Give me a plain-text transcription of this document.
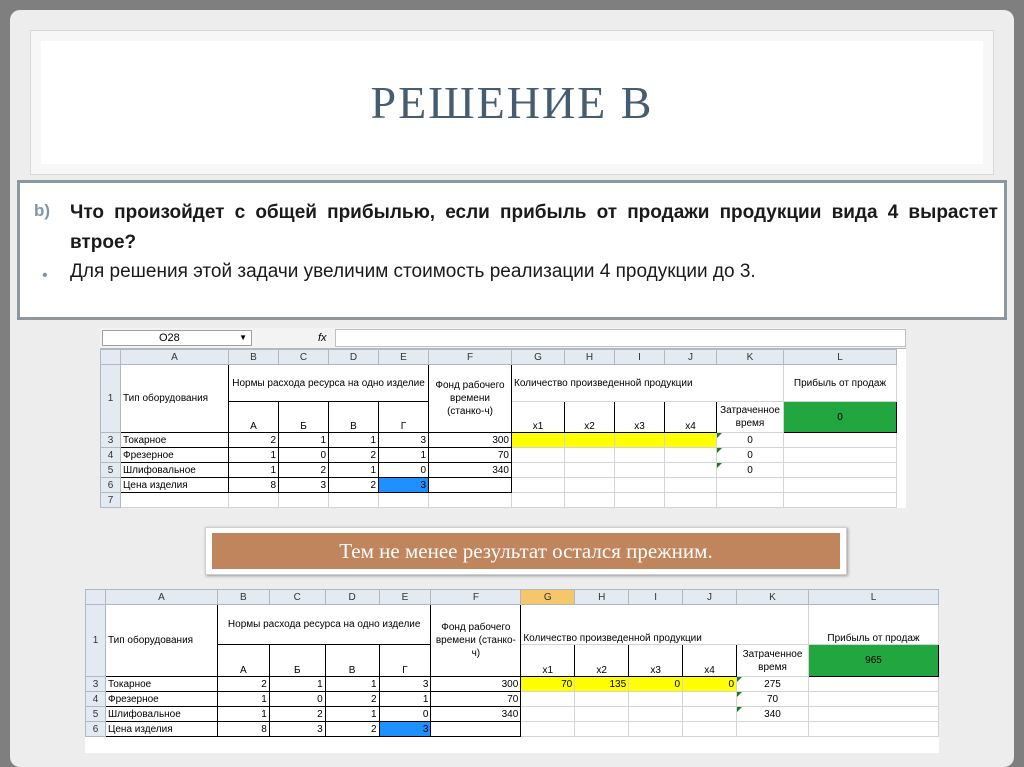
РЕШЕНИЕ B
b) Что произойдет с общей прибылью, если прибыль от продажи продукции вида 4 вырастет втрое?
• Для решения этой задачи увеличим стоимость реализации 4 продукции до 3.
O28	▼	fx
	A	B	C	D	E	F	G	H	I	J	K	L
1	Тип оборудования	Нормы расхода ресурса на одно изделие				Фонд рабочего времени (станко-ч)	Количество произведенной продукции					Прибыль от продаж
		А	Б	В	Г		x1	x2	x3	x4	Затраченное время	0
3	Токарное	2	1	1	3	300					0	
4	Фрезерное	1	0	2	1	70					0	
5	Шлифовальное	1	2	1	0	340					0	
6	Цена изделия	8	3	2	3							
7												
Тем не менее результат остался прежним.
	A	B	C	D	E	F	G	H	I	J	K	L
1	Тип оборудования	Нормы расхода ресурса на одно изделие				Фонд рабочего времени (станко-ч)	Количество произведенной продукции					Прибыль от продаж
		А	Б	В	Г		x1	x2	x3	x4	Затраченное время	965
3	Токарное	2	1	1	3	300	70	135	0	0	275	
4	Фрезерное	1	0	2	1	70					70	
5	Шлифовальное	1	2	1	0	340					340	
6	Цена изделия	8	3	2	3							
